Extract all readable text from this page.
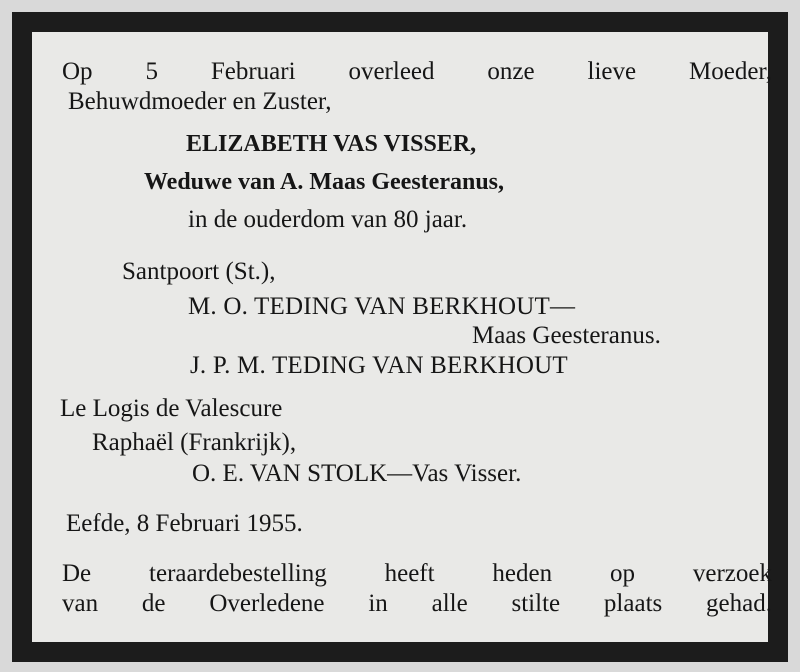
Op 5 Februari overleed onze lieve Moeder,

Behuwdmoeder en Zuster,

ELIZABETH VAS VISSER,

Weduwe van A. Maas Geesteranus,

in de ouderdom van 80 jaar.

Santpoort (St.),

M. O. TEDING VAN BERKHOUT—

Maas Geesteranus.

J. P. M. TEDING VAN BERKHOUT

Le Logis de Valescure

Raphaël (Frankrijk),

O. E. VAN STOLK—Vas Visser.

Eefde, 8 Februari 1955.

De teraardebestelling heeft heden op verzoek

van de Overledene in alle stilte plaats gehad.
